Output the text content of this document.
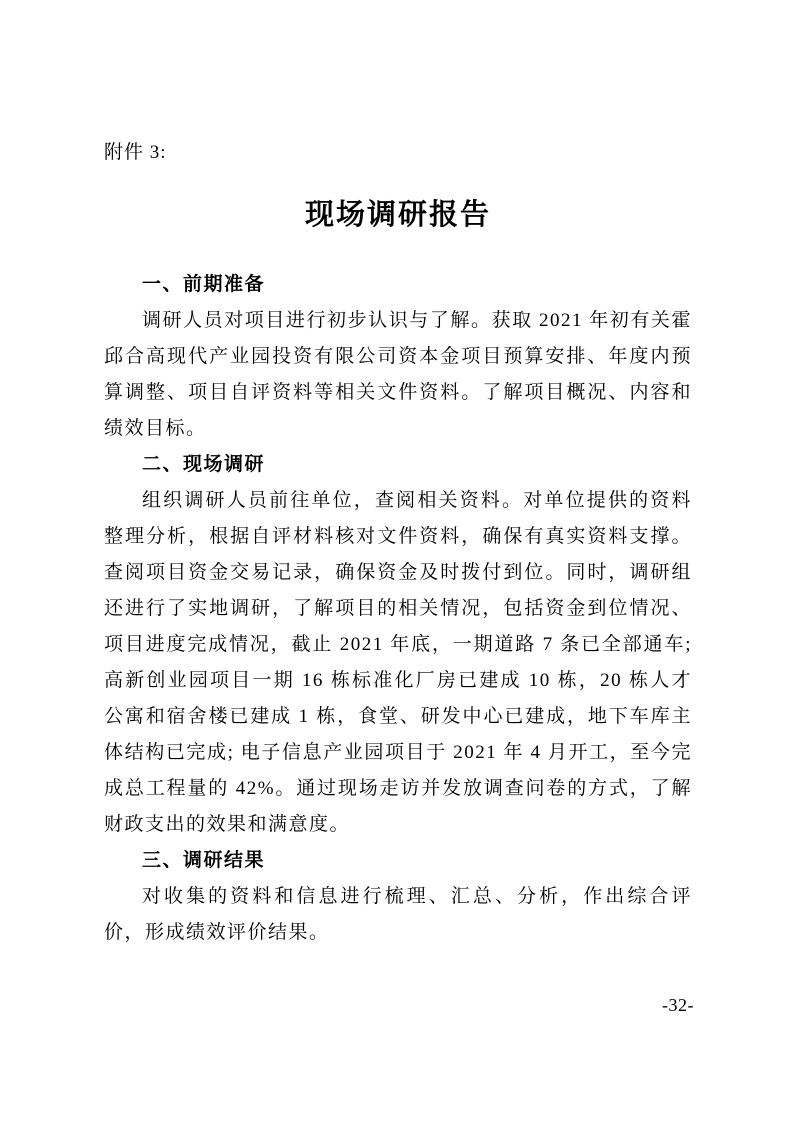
附件 3:
现场调研报告
一、前期准备

调研人员对项目进行初步认识与了解。获取 2021 年初有关霍邱合高现代产业园投资有限公司资本金项目预算安排、年度内预算调整、项目自评资料等相关文件资料。了解项目概况、内容和绩效目标。

二、现场调研

组织调研人员前往单位，查阅相关资料。对单位提供的资料整理分析，根据自评材料核对文件资料，确保有真实资料支撑。查阅项目资金交易记录，确保资金及时拨付到位。同时，调研组还进行了实地调研，了解项目的相关情况，包括资金到位情况、项目进度完成情况，截止 2021 年底，一期道路 7 条已全部通车;高新创业园项目一期 16 栋标准化厂房已建成 10 栋，20 栋人才公寓和宿舍楼已建成 1 栋，食堂、研发中心已建成，地下车库主体结构已完成; 电子信息产业园项目于 2021 年 4 月开工，至今完成总工程量的 42%。通过现场走访并发放调查问卷的方式，了解财政支出的效果和满意度。

三、调研结果

对收集的资料和信息进行梳理、汇总、分析，作出综合评价，形成绩效评价结果。

-32-
